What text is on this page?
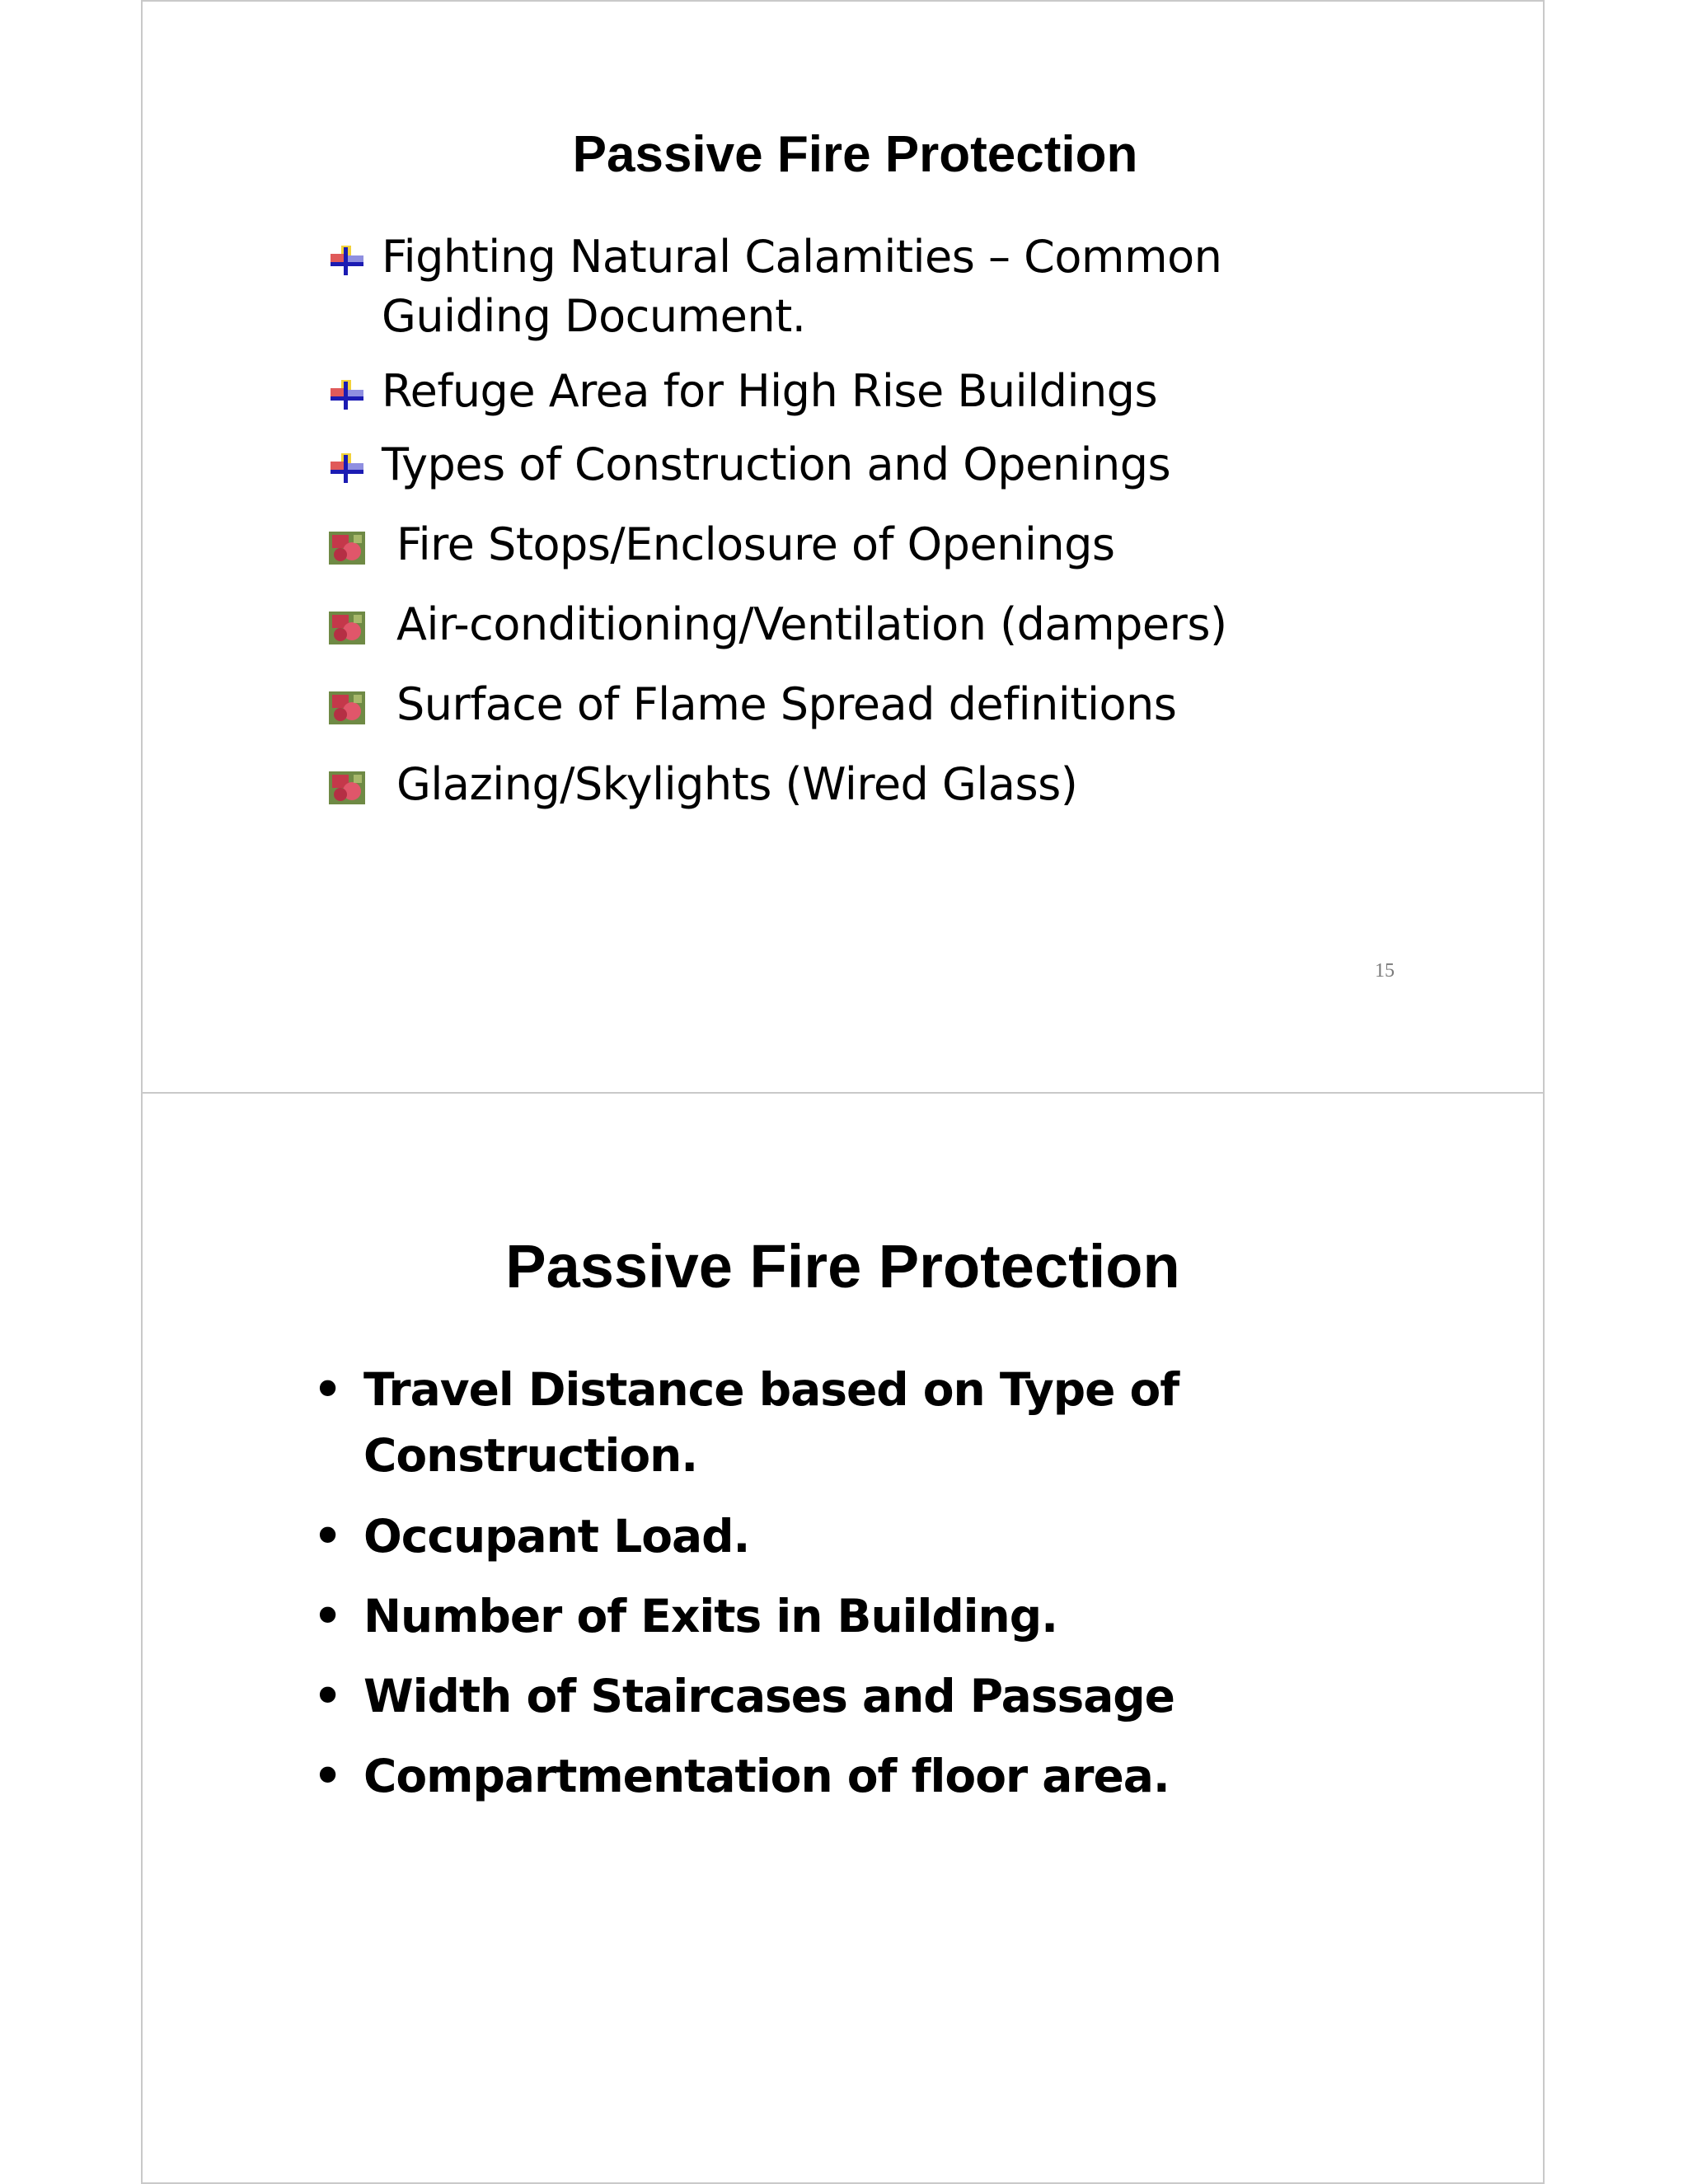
Passive Fire Protection
Fighting Natural Calamities – Common
Guiding Document.
Refuge Area for High Rise Buildings
Types of Construction and Openings
Fire Stops/Enclosure of Openings
Air-conditioning/Ventilation (dampers)
Surface of Flame Spread definitions
Glazing/Skylights (Wired Glass)
15
Passive Fire Protection
• Travel Distance based on Type of
Construction.
• Occupant Load.
• Number of Exits in Building.
• Width of Staircases and Passage
• Compartmentation of floor area.
